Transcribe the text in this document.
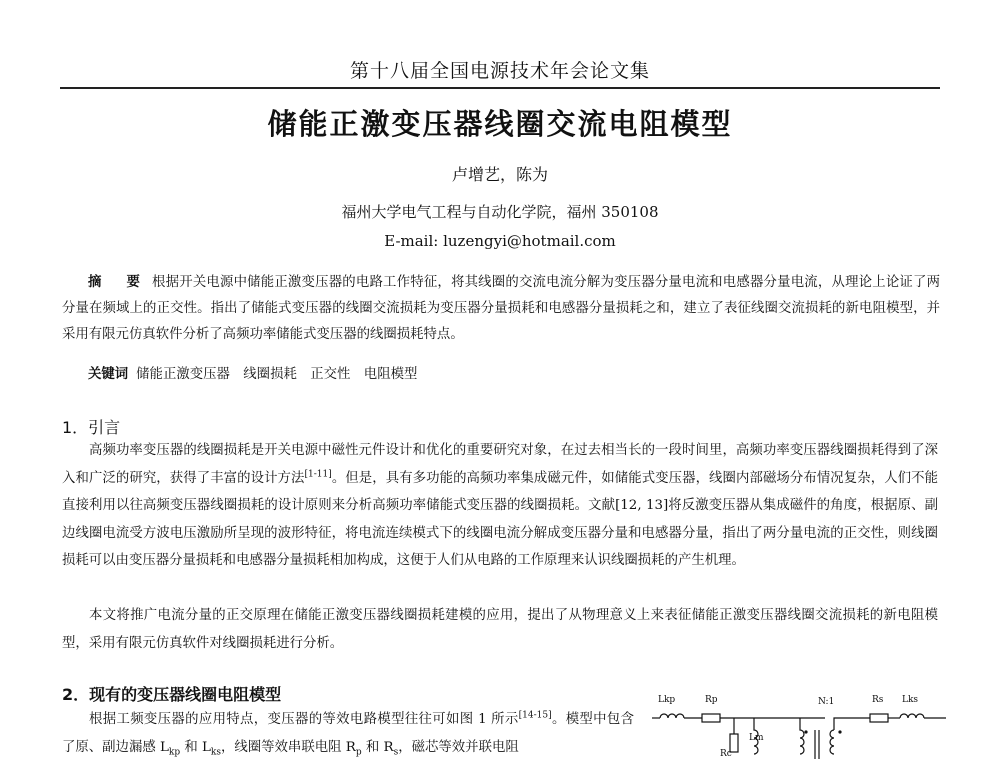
第十八届全国电源技术年会论文集
储能正激变压器线圈交流电阻模型
卢增艺，陈为
福州大学电气工程与自动化学院，福州 350108
E-mail: luzengyi@hotmail.com
摘 要 根据开关电源中储能正激变压器的电路工作特征，将其线圈的交流电流分解为变压器分量电流和电感器分量电流，从理论上论证了两分量在频域上的正交性。指出了储能式变压器的线圈交流损耗为变压器分量损耗和电感器分量损耗之和，建立了表征线圈交流损耗的新电阻模型，并采用有限元仿真软件分析了高频功率储能式变压器的线圈损耗特点。
关键词 储能正激变压器　线圈损耗　正交性　电阻模型
1．引言
高频功率变压器的线圈损耗是开关电源中磁性元件设计和优化的重要研究对象，在过去相当长的一段时间里，高频功率变压器线圈损耗得到了深入和广泛的研究，获得了丰富的设计方法[1-11]。但是，具有多功能的高频功率集成磁元件，如储能式变压器，线圈内部磁场分布情况复杂，人们不能直接利用以往高频变压器线圈损耗的设计原则来分析高频功率储能式变压器的线圈损耗。文献[12, 13]将反激变压器从集成磁件的角度，根据原、副边线圈电流受方波电压激励所呈现的波形特征，将电流连续模式下的线圈电流分解成变压器分量和电感器分量，指出了两分量电流的正交性，则线圈损耗可以由变压器分量损耗和电感器分量损耗相加构成，这便于人们从电路的工作原理来认识线圈损耗的产生机理。
本文将推广电流分量的正交原理在储能正激变压器线圈损耗建模的应用，提出了从物理意义上来表征储能正激变压器线圈交流损耗的新电阻模型，采用有限元仿真软件对线圈损耗进行分析。
2．现有的变压器线圈电阻模型
根据工频变压器的应用特点，变压器的等效电路模型往往可如图 1 所示[14-15]。模型中包含了原、副边漏感 $L_{kp}$ 和 $L_{ks}$，线圈等效串联电阻 $R_p$ 和 $R_s$，磁芯等效并联电阻
Lkp	Rp	N:1	Rs Lks
Rc
Lm
